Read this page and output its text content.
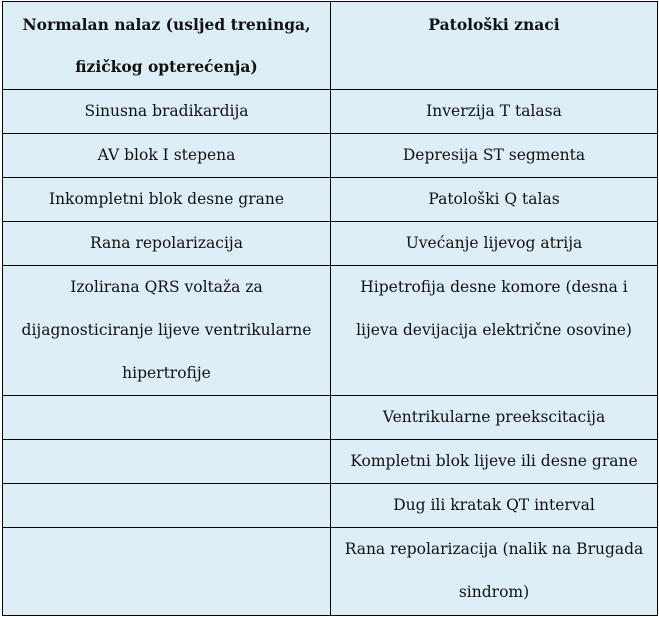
Normalan nalaz (usljed treninga, fizičkog opterećenja)	Patološki znaci

Sinusna bradikardija	Inverzija T talasa

AV blok I stepena	Depresija ST segmenta

Inkompletni blok desne grane	Patološki Q talas

Rana repolarizacija	Uvećanje lijevog atrija

Izolirana QRS voltaža za dijagnosticiranje lijeve ventrikularne hipertrofije	Hipetrofija desne komore (desna i lijeva devijacija električne osovine)

	Ventrikularne preekscitacija

	Kompletni blok lijeve ili desne grane

	Dug ili kratak QT interval

	Rana repolarizacija (nalik na Brugada sindrom)
